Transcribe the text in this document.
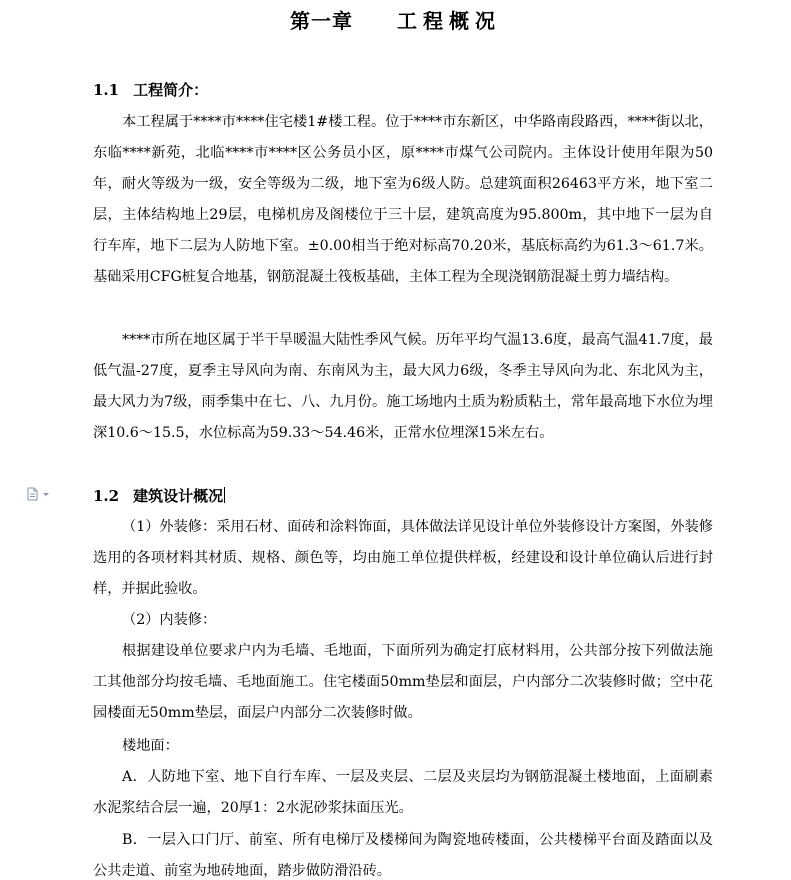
第一章 工程概况
1.1 工程简介：

本工程属于****市****住宅楼1#楼工程。位于****市东新区，中华路南段路西，****街以北，东临****新苑，北临****市****区公务员小区，原****市煤气公司院内。主体设计使用年限为50年，耐火等级为一级，安全等级为二级，地下室为6级人防。总建筑面积26463平方米，地下室二层，主体结构地上29层，电梯机房及阁楼位于三十层，建筑高度为95.800m，其中地下一层为自行车库，地下二层为人防地下室。±0.00相当于绝对标高70.20米，基底标高约为61.3～61.7米。基础采用CFG桩复合地基，钢筋混凝土筏板基础，主体工程为全现浇钢筋混凝土剪力墙结构。

****市所在地区属于半干旱暖温大陆性季风气候。历年平均气温13.6度，最高气温41.7度，最低气温-27度，夏季主导风向为南、东南风为主，最大风力6级，冬季主导风向为北、东北风为主，最大风力为7级，雨季集中在七、八、九月份。施工场地内土质为粉质粘土，常年最高地下水位为埋深10.6～15.5，水位标高为59.33～54.46米，正常水位埋深15米左右。

1.2 建筑设计概况

（1）外装修：采用石材、面砖和涂料饰面，具体做法详见设计单位外装修设计方案图，外装修选用的各项材料其材质、规格、颜色等，均由施工单位提供样板，经建设和设计单位确认后进行封样，并据此验收。

（2）内装修：

根据建设单位要求户内为毛墙、毛地面，下面所列为确定打底材料用，公共部分按下列做法施工其他部分均按毛墙、毛地面施工。住宅楼面50mm垫层和面层，户内部分二次装修时做；空中花园楼面无50mm垫层，面层户内部分二次装修时做。

楼地面：

A．人防地下室、地下自行车库、一层及夹层、二层及夹层均为钢筋混凝土楼地面，上面刷素水泥浆结合层一遍，20厚1：2水泥砂浆抹面压光。

B．一层入口门厅、前室、所有电梯厅及楼梯间为陶瓷地砖楼面，公共楼梯平台面及踏面以及公共走道、前室为地砖地面，踏步做防滑沿砖。
